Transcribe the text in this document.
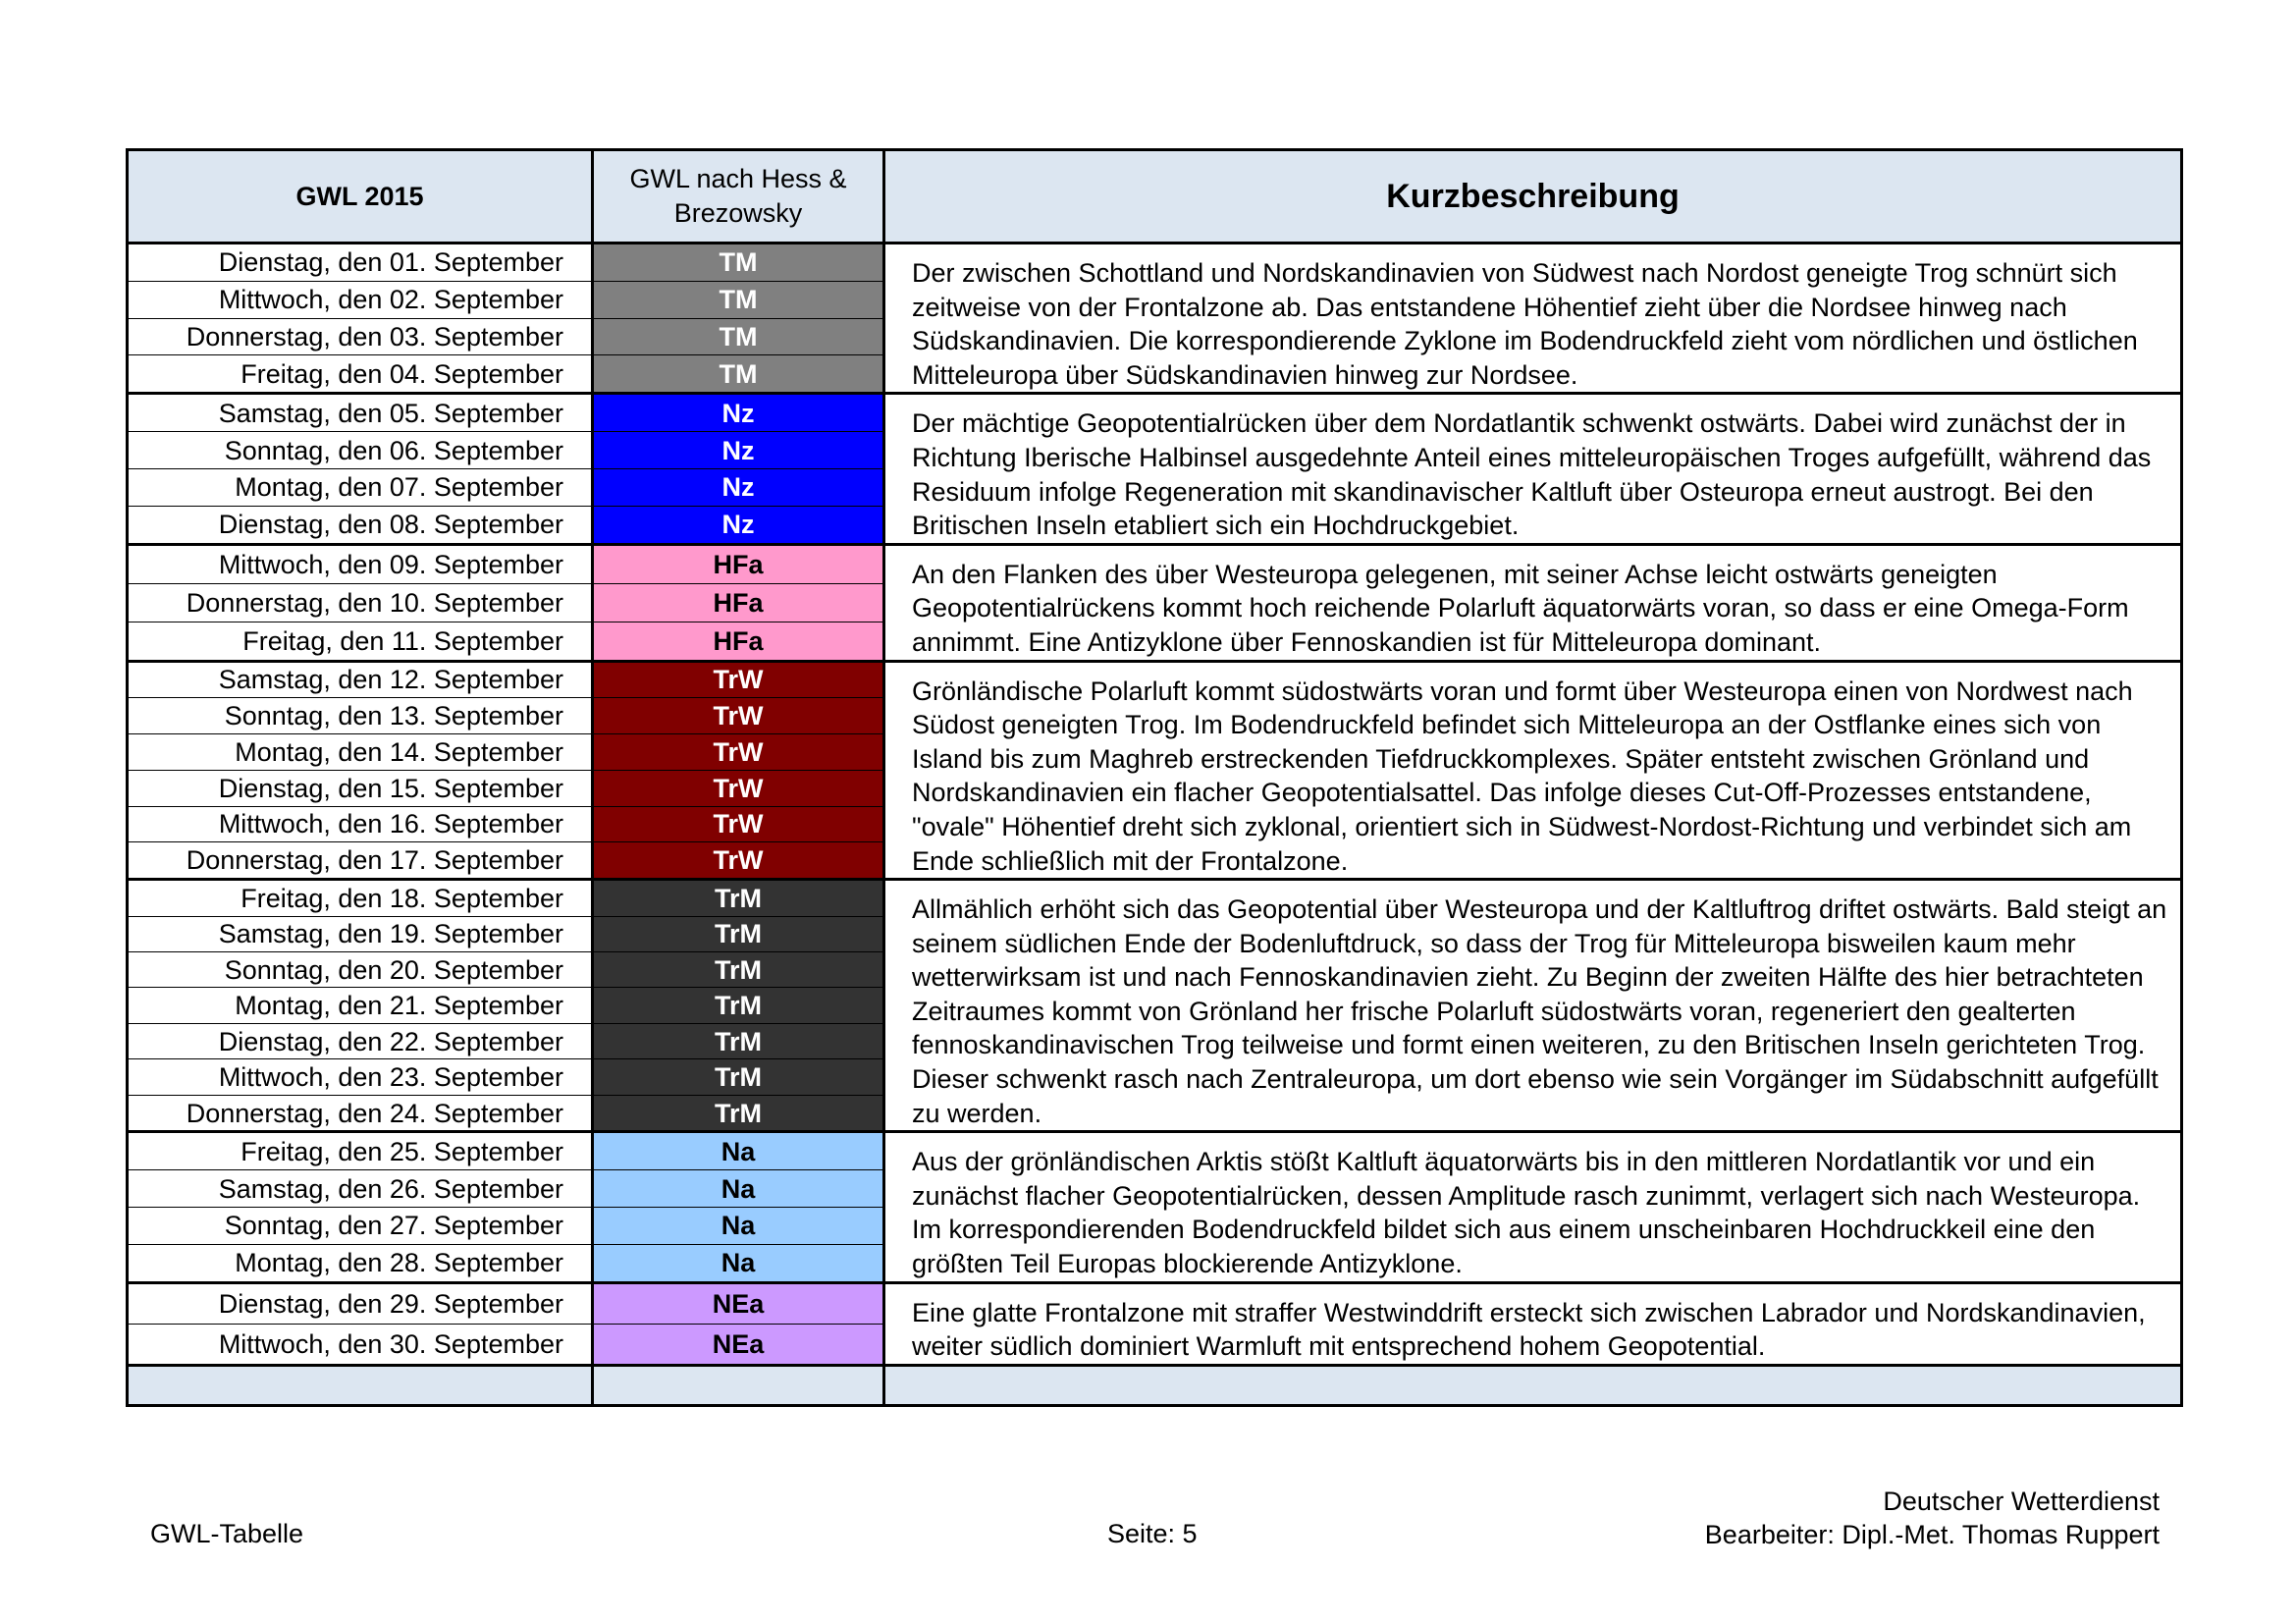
GWL 2015	GWL nach Hess & Brezowsky	Kurzbeschreibung
Dienstag, den 01. September	TM	Der zwischen Schottland und Nordskandinavien von Südwest nach Nordost geneigte Trog schnürt sich zeitweise von der Frontalzone ab. Das entstandene Höhentief zieht über die Nordsee hinweg nach Südskandinavien. Die korrespondierende Zyklone im Bodendruckfeld zieht vom nördlichen und östlichen Mitteleuropa über Südskandinavien hinweg zur Nordsee.
Mittwoch, den 02. September	TM	
Donnerstag, den 03. September	TM	
Freitag, den 04. September	TM	
Samstag, den 05. September	Nz	Der mächtige Geopotentialrücken über dem Nordatlantik schwenkt ostwärts. Dabei wird zunächst der in Richtung Iberische Halbinsel ausgedehnte Anteil eines mitteleuropäischen Troges aufgefüllt, während das Residuum infolge Regeneration mit skandinavischer Kaltluft über Osteuropa erneut austrogt. Bei den Britischen Inseln etabliert sich ein Hochdruckgebiet.
Sonntag, den 06. September	Nz	
Montag, den 07. September	Nz	
Dienstag, den 08. September	Nz	
Mittwoch, den 09. September	HFa	An den Flanken des über Westeuropa gelegenen, mit seiner Achse leicht ostwärts geneigten Geopotentialrückens kommt hoch reichende Polarluft äquatorwärts voran, so dass er eine Omega-Form annimmt. Eine Antizyklone über Fennoskandien ist für Mitteleuropa dominant.
Donnerstag, den 10. September	HFa	
Freitag, den 11. September	HFa	
Samstag, den 12. September	TrW	Grönländische Polarluft kommt südostwärts voran und formt über Westeuropa einen von Nordwest nach Südost geneigten Trog. Im Bodendruckfeld befindet sich Mitteleuropa an der Ostflanke eines sich von Island bis zum Maghreb erstreckenden Tiefdruckkomplexes. Später entsteht zwischen Grönland und Nordskandinavien ein flacher Geopotentialsattel. Das infolge dieses Cut-Off-Prozesses entstandene, "ovale" Höhentief dreht sich zyklonal, orientiert sich in Südwest-Nordost-Richtung und verbindet sich am Ende schließlich mit der Frontalzone.
Sonntag, den 13. September	TrW	
Montag, den 14. September	TrW	
Dienstag, den 15. September	TrW	
Mittwoch, den 16. September	TrW	
Donnerstag, den 17. September	TrW	
Freitag, den 18. September	TrM	Allmählich erhöht sich das Geopotential über Westeuropa und der Kaltluftrog driftet ostwärts. Bald steigt an seinem südlichen Ende der Bodenluftdruck, so dass der Trog für Mitteleuropa bisweilen kaum mehr wetterwirksam ist und nach Fennoskandinavien zieht. Zu Beginn der zweiten Hälfte des hier betrachteten Zeitraumes kommt von Grönland her frische Polarluft südostwärts voran, regeneriert den gealterten fennoskandinavischen Trog teilweise und formt einen weiteren, zu den Britischen Inseln gerichteten Trog. Dieser schwenkt rasch nach Zentraleuropa, um dort ebenso wie sein Vorgänger im Südabschnitt aufgefüllt zu werden.
Samstag, den 19. September	TrM	
Sonntag, den 20. September	TrM	
Montag, den 21. September	TrM	
Dienstag, den 22. September	TrM	
Mittwoch, den 23. September	TrM	
Donnerstag, den 24. September	TrM	
Freitag, den 25. September	Na	Aus der grönländischen Arktis stößt Kaltluft äquatorwärts bis in den mittleren Nordatlantik vor und ein zunächst flacher Geopotentialrücken, dessen Amplitude rasch zunimmt, verlagert sich nach Westeuropa. Im korrespondierenden Bodendruckfeld bildet sich aus einem unscheinbaren Hochdruckkeil eine den größten Teil Europas blockierende Antizyklone.
Samstag, den 26. September	Na	
Sonntag, den 27. September	Na	
Montag, den 28. September	Na	
Dienstag, den 29. September	NEa	Eine glatte Frontalzone mit straffer Westwinddrift ersteckt sich zwischen Labrador und Nordskandinavien, weiter südlich dominiert Warmluft mit entsprechend hohem Geopotential.
Mittwoch, den 30. September	NEa	

GWL-Tabelle	Seite: 5
Deutscher Wetterdienst
Bearbeiter: Dipl.-Met. Thomas Ruppert
